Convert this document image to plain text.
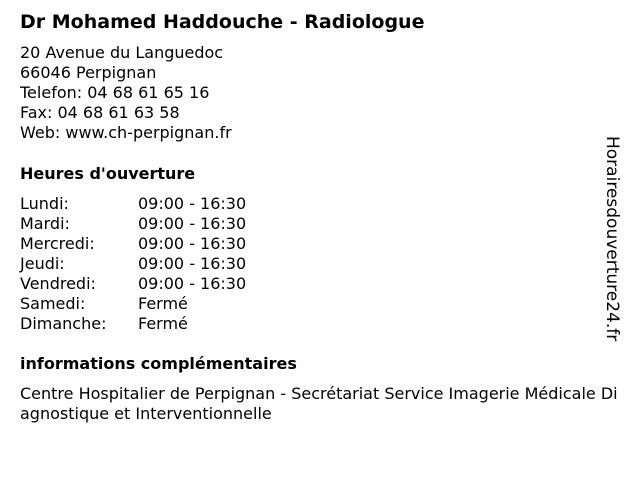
Dr Mohamed Haddouche - Radiologue
20 Avenue du Languedoc
66046 Perpignan
Telefon: 04 68 61 65 16
Fax: 04 68 61 63 58
Web: www.ch-perpignan.fr
Heures d'ouverture
Lundi:	09:00 - 16:30
Mardi:	09:00 - 16:30
Mercredi:	09:00 - 16:30
Jeudi:	09:00 - 16:30
Vendredi:	09:00 - 16:30
Samedi:	Fermé
Dimanche: Fermé
informations complémentaires
Centre Hospitalier de Perpignan - Secrétariat Service Imagerie Médicale Diagnostique et Interventionnelle
Horairesdouverture24.fr
